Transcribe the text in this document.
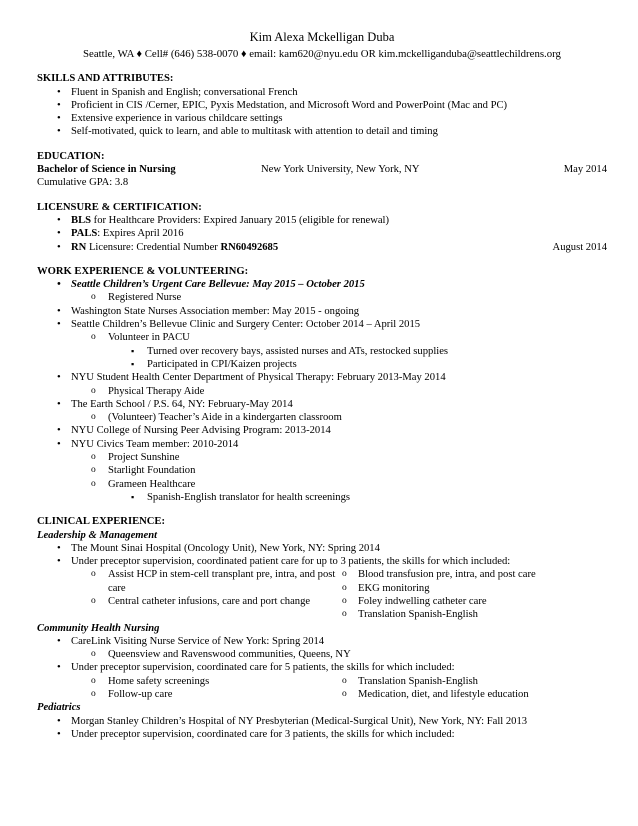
Kim Alexa Mckelligan Duba

Seattle, WA ♦ Cell# (646) 538-0070 ♦ email: kam620@nyu.edu OR kim.mckelliganduba@seattlechildrens.org

SKILLS AND ATTRIBUTES:
• Fluent in Spanish and English; conversational French
• Proficient in CIS /Cerner, EPIC, Pyxis Medstation, and Microsoft Word and PowerPoint (Mac and PC)
• Extensive experience in various childcare settings
• Self-motivated, quick to learn, and able to multitask with attention to detail and timing
EDUCATION:
Bachelor of Science in Nursing	New York University, New York, NY	May 2014
Cumulative GPA: 3.8
LICENSURE & CERTIFICATION:
• BLS for Healthcare Providers: Expired January 2015 (eligible for renewal)
• PALS: Expires April 2016
• RN Licensure: Credential Number RN60492685	August 2014
WORK EXPERIENCE & VOLUNTEERING:
• Seattle Children’s Urgent Care Bellevue: May 2015 – October 2015
o Registered Nurse
• Washington State Nurses Association member: May 2015 - ongoing
• Seattle Children’s Bellevue Clinic and Surgery Center: October 2014 – April 2015
o Volunteer in PACU
▪ Turned over recovery bays, assisted nurses and ATs, restocked supplies
▪ Participated in CPI/Kaizen projects
• NYU Student Health Center Department of Physical Therapy: February 2013-May 2014
o Physical Therapy Aide
• The Earth School / P.S. 64, NY: February-May 2014
o (Volunteer) Teacher’s Aide in a kindergarten classroom
• NYU College of Nursing Peer Advising Program: 2013-2014
• NYU Civics Team member: 2010-2014
o Project Sunshine
o Starlight Foundation
o Grameen Healthcare
▪ Spanish-English translator for health screenings
CLINICAL EXPERIENCE:
Leadership & Management
• The Mount Sinai Hospital (Oncology Unit), New York, NY: Spring 2014
• Under preceptor supervision, coordinated patient care for up to 3 patients, the skills for which included:
o Assist HCP in stem-cell transplant pre, intra, and post care
o Central catheter infusions, care and port change
o Blood transfusion pre, intra, and post care
o EKG monitoring
o Foley indwelling catheter care
o Translation Spanish-English
Community Health Nursing
• CareLink Visiting Nurse Service of New York: Spring 2014
o Queensview and Ravenswood communities, Queens, NY
• Under preceptor supervision, coordinated care for 5 patients, the skills for which included:
o Home safety screenings
o Follow-up care
o Translation Spanish-English
o Medication, diet, and lifestyle education
Pediatrics
• Morgan Stanley Children’s Hospital of NY Presbyterian (Medical-Surgical Unit), New York, NY: Fall 2013
• Under preceptor supervision, coordinated care for 3 patients, the skills for which included:
